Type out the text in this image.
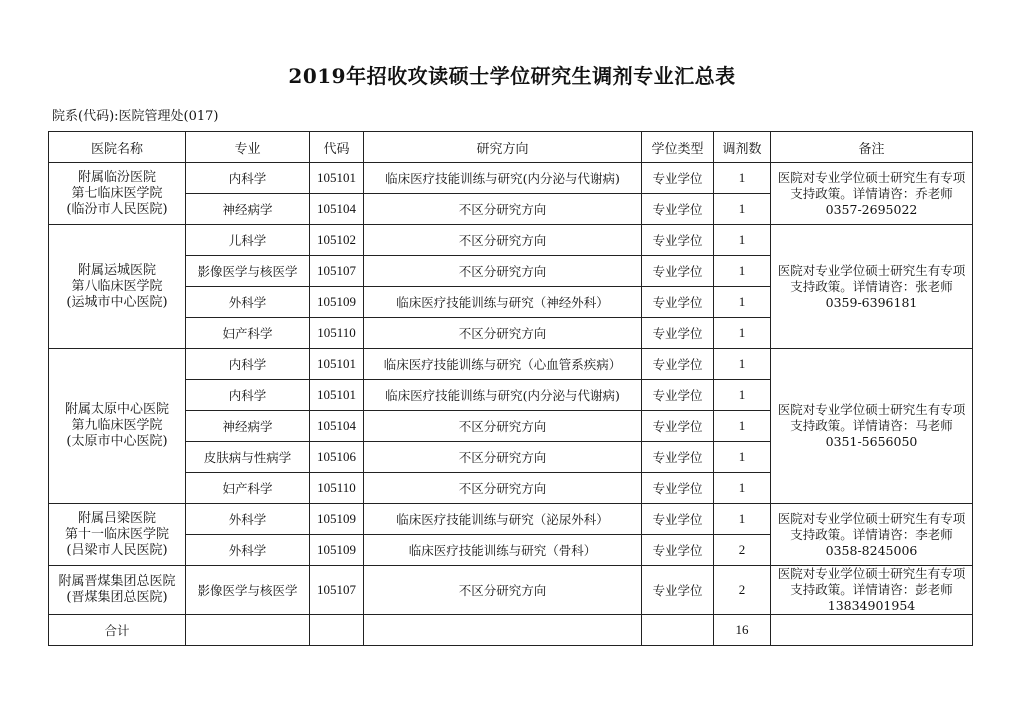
2019年招收攻读硕士学位研究生调剂专业汇总表
院系(代码):医院管理处(017)
医院名称	专业	代码	研究方向	学位类型	调剂数	备注

附属临汾医院
第七临床医学院
(临汾市人民医院)	内科学	105101	临床医疗技能训练与研究(内分泌与代谢病)	专业学位	1	医院对专业学位硕士研究生有专项支持政策。详情请咨：乔老师0357-2695022
	神经病学	105104	不区分研究方向	专业学位	1	

附属运城医院
第八临床医学院
(运城市中心医院)	儿科学	105102	不区分研究方向	专业学位	1	医院对专业学位硕士研究生有专项支持政策。详情请咨：张老师0359-6396181
	影像医学与核医学	105107	不区分研究方向	专业学位	1	
	外科学	105109	临床医疗技能训练与研究（神经外科）	专业学位	1	
	妇产科学	105110	不区分研究方向	专业学位	1	

附属太原中心医院
第九临床医学院
(太原市中心医院)	内科学	105101	临床医疗技能训练与研究（心血管系疾病）	专业学位	1	医院对专业学位硕士研究生有专项支持政策。详情请咨：马老师0351-5656050
	内科学	105101	临床医疗技能训练与研究(内分泌与代谢病)	专业学位	1	
	神经病学	105104	不区分研究方向	专业学位	1	
	皮肤病与性病学	105106	不区分研究方向	专业学位	1	
	妇产科学	105110	不区分研究方向	专业学位	1	

附属吕梁医院
第十一临床医学院
(吕梁市人民医院)	外科学	105109	临床医疗技能训练与研究（泌尿外科）	专业学位	1	医院对专业学位硕士研究生有专项支持政策。详情请咨：李老师0358-8245006
	外科学	105109	临床医疗技能训练与研究（骨科）	专业学位	2	

附属晋煤集团总医院
(晋煤集团总医院)	影像医学与核医学	105107	不区分研究方向	专业学位	2	医院对专业学位硕士研究生有专项支持政策。详情请咨：彭老师13834901954
合计					16	
